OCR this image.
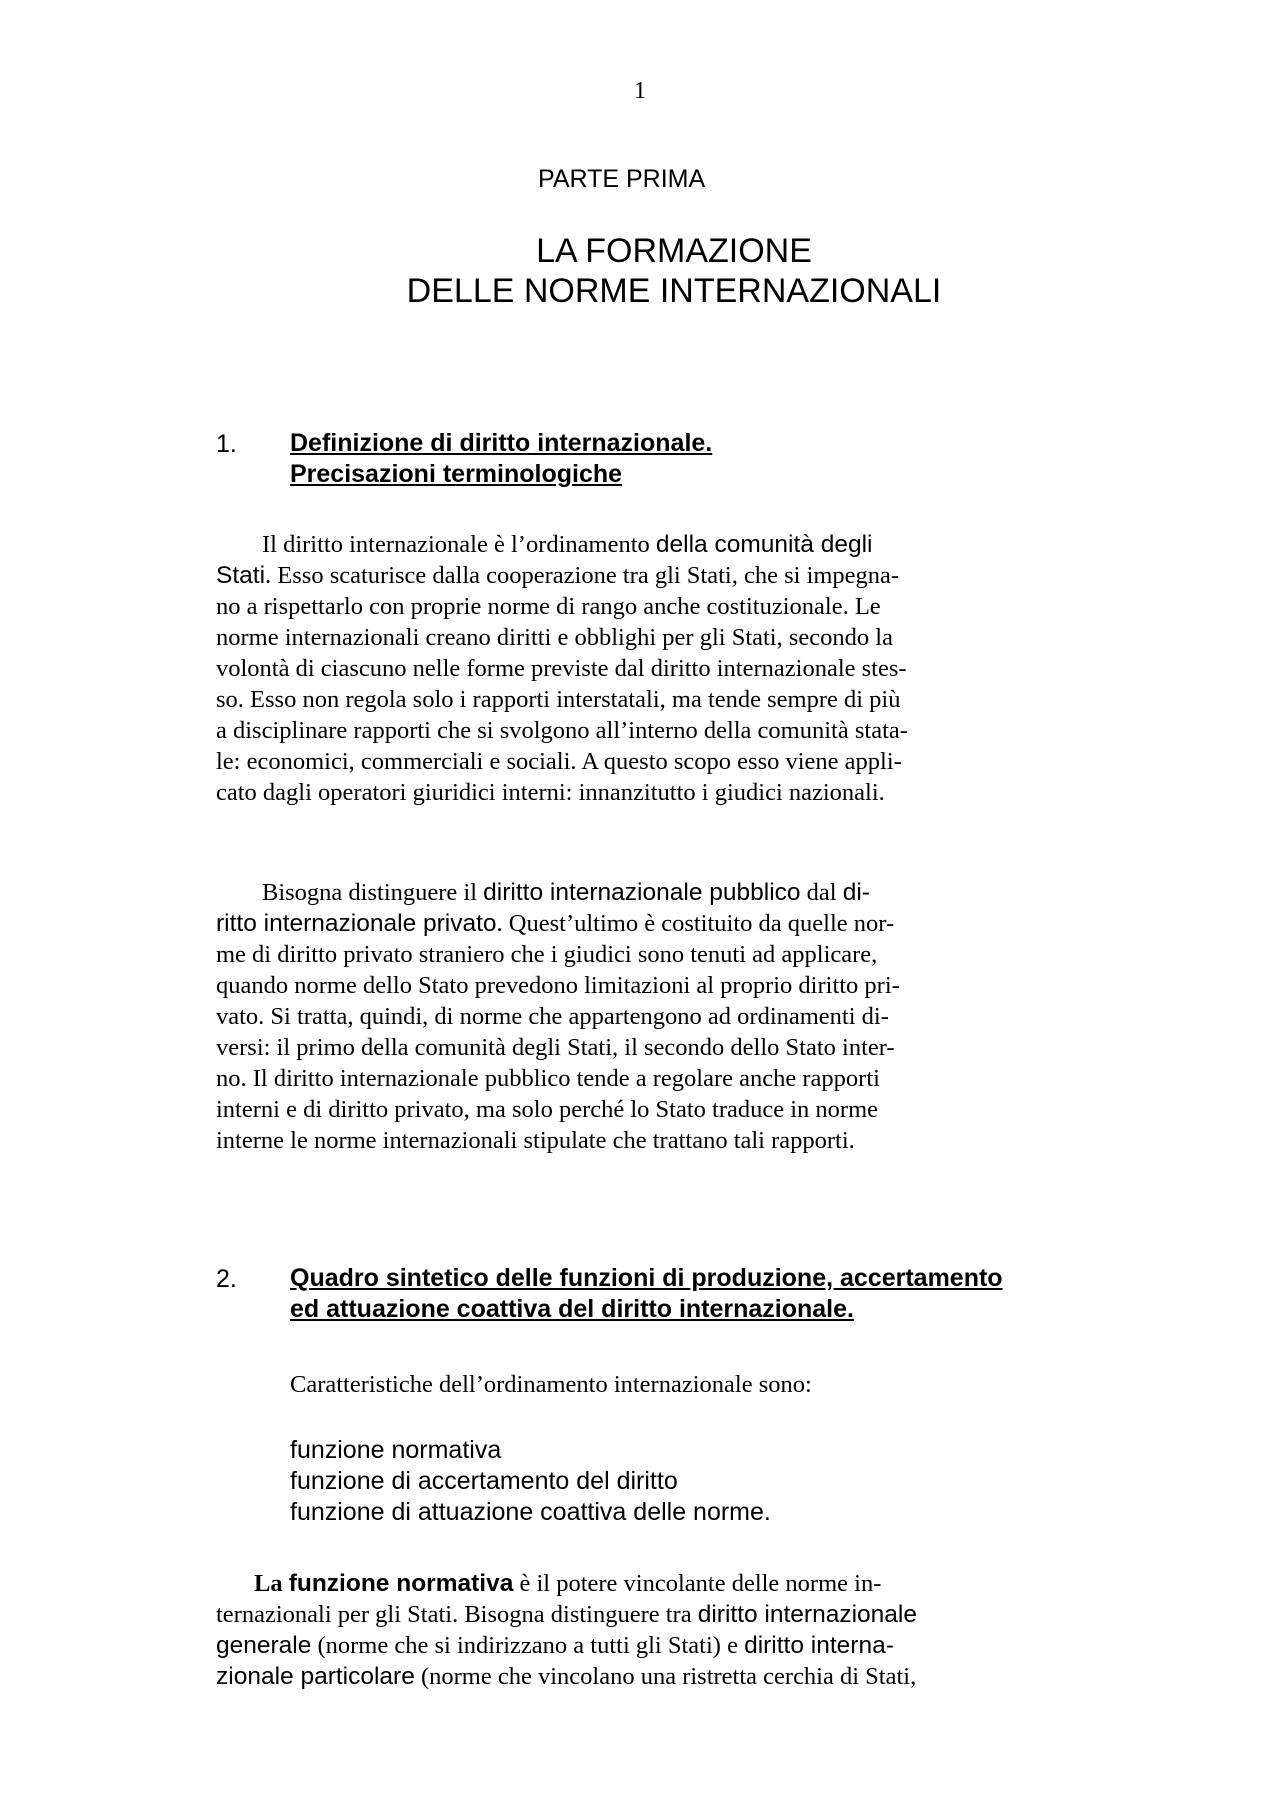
1
PARTE PRIMA
LA FORMAZIONE
DELLE NORME INTERNAZIONALI
1. Definizione di diritto internazionale.
Precisazioni terminologiche
Il diritto internazionale è l’ordinamento della comunità degli
Stati. Esso scaturisce dalla cooperazione tra gli Stati, che si impegna-
no a rispettarlo con proprie norme di rango anche costituzionale. Le
norme internazionali creano diritti e obblighi per gli Stati, secondo la
volontà di ciascuno nelle forme previste dal diritto internazionale stes-
so. Esso non regola solo i rapporti interstatali, ma tende sempre di più
a disciplinare rapporti che si svolgono all’interno della comunità stata-
le: economici, commerciali e sociali. A questo scopo esso viene appli-
cato dagli operatori giuridici interni: innanzitutto i giudici nazionali.
Bisogna distinguere il diritto internazionale pubblico dal di-
ritto internazionale privato. Quest’ultimo è costituito da quelle nor-
me di diritto privato straniero che i giudici sono tenuti ad applicare,
quando norme dello Stato prevedono limitazioni al proprio diritto pri-
vato. Si tratta, quindi, di norme che appartengono ad ordinamenti di-
versi: il primo della comunità degli Stati, il secondo dello Stato inter-
no. Il diritto internazionale pubblico tende a regolare anche rapporti
interni e di diritto privato, ma solo perché lo Stato traduce in norme
interne le norme internazionali stipulate che trattano tali rapporti.
2. Quadro sintetico delle funzioni di produzione, accertamento
ed attuazione coattiva del diritto internazionale.
Caratteristiche dell’ordinamento internazionale sono:
funzione normativa
funzione di accertamento del diritto
funzione di attuazione coattiva delle norme.
La funzione normativa è il potere vincolante delle norme in-
ternazionali per gli Stati. Bisogna distinguere tra diritto internazionale
generale (norme che si indirizzano a tutti gli Stati) e diritto interna-
zionale particolare (norme che vincolano una ristretta cerchia di Stati,
